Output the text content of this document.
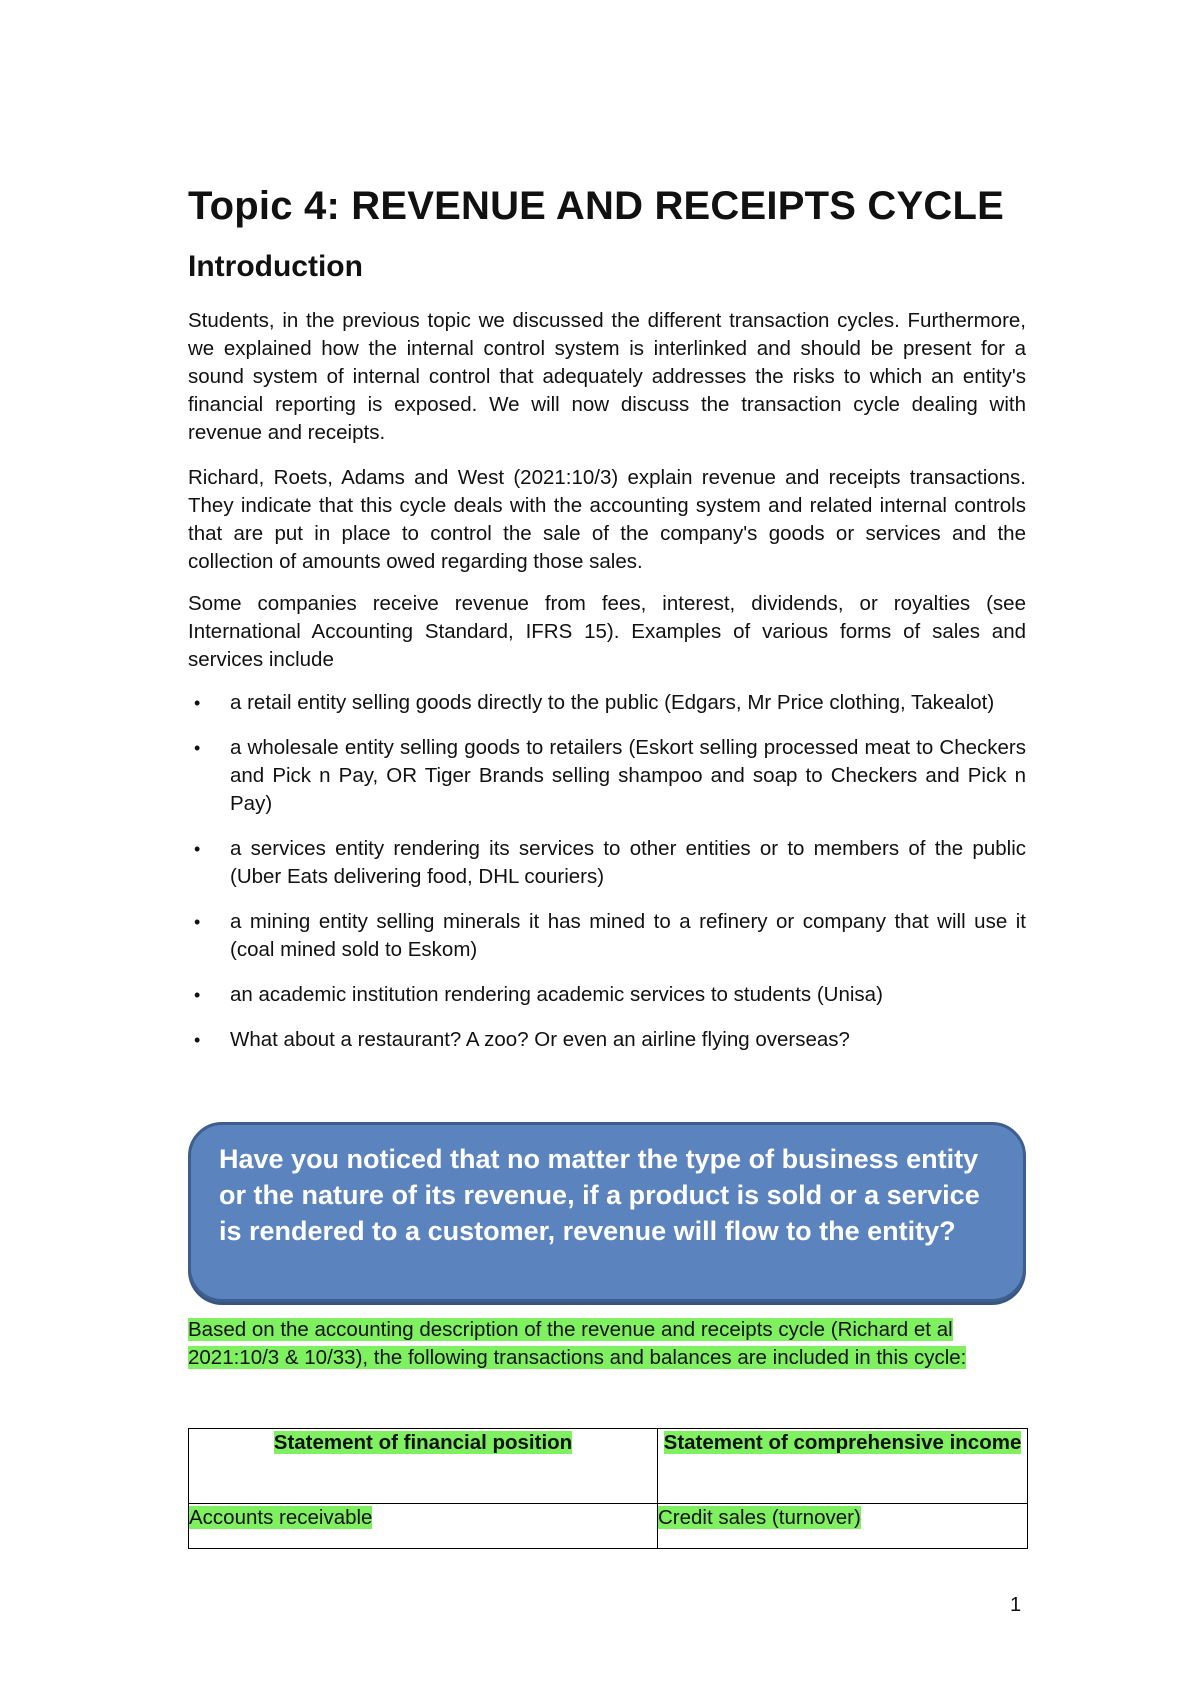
Topic 4: REVENUE AND RECEIPTS CYCLE
Introduction

Students, in the previous topic we discussed the different transaction cycles. Furthermore, we explained how the internal control system is interlinked and should be present for a sound system of internal control that adequately addresses the risks to which an entity's financial reporting is exposed. We will now discuss the transaction cycle dealing with revenue and receipts.

Richard, Roets, Adams and West (2021:10/3) explain revenue and receipts transactions. They indicate that this cycle deals with the accounting system and related internal controls that are put in place to control the sale of the company's goods or services and the collection of amounts owed regarding those sales.

Some companies receive revenue from fees, interest, dividends, or royalties (see International Accounting Standard, IFRS 15). Examples of various forms of sales and services include

• a retail entity selling goods directly to the public (Edgars, Mr Price clothing, Takealot)
• a wholesale entity selling goods to retailers (Eskort selling processed meat to Checkers and Pick n Pay, OR Tiger Brands selling shampoo and soap to Checkers and Pick n Pay)
• a services entity rendering its services to other entities or to members of the public (Uber Eats delivering food, DHL couriers)
• a mining entity selling minerals it has mined to a refinery or company that will use it (coal mined sold to Eskom)
• an academic institution rendering academic services to students (Unisa)
• What about a restaurant? A zoo? Or even an airline flying overseas?

Have you noticed that no matter the type of business entity or the nature of its revenue, if a product is sold or a service is rendered to a customer, revenue will flow to the entity?

Based on the accounting description of the revenue and receipts cycle (Richard et al 2021:10/3 & 10/33), the following transactions and balances are included in this cycle:

Statement of financial position	Statement of comprehensive income
Accounts receivable	Credit sales (turnover)
1
